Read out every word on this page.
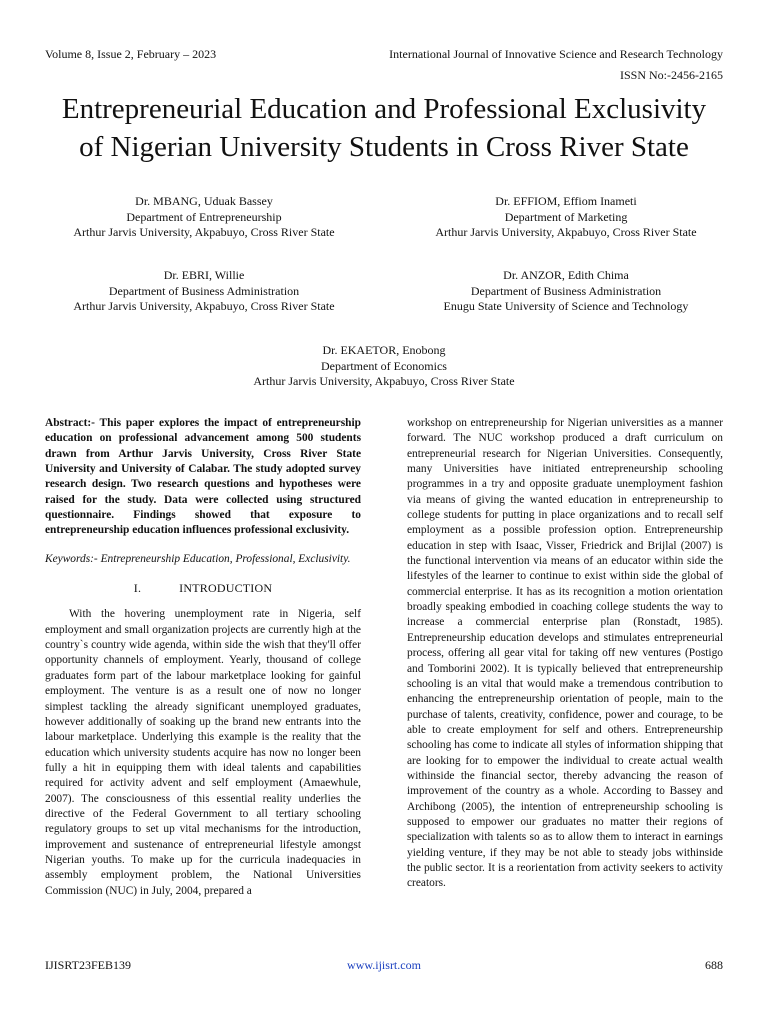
Volume 8, Issue 2, February – 2023	International Journal of Innovative Science and Research Technology
ISSN No:-2456-2165
Entrepreneurial Education and Professional Exclusivity
of Nigerian University Students in Cross River State
Dr. MBANG, Uduak Bassey
Department of Entrepreneurship
Arthur Jarvis University, Akpabuyo, Cross River State
Dr. EFFIOM, Effiom Inameti
Department of Marketing
Arthur Jarvis University, Akpabuyo, Cross River State
Dr. EBRI, Willie
Department of Business Administration
Arthur Jarvis University, Akpabuyo, Cross River State
Dr. ANZOR, Edith Chima
Department of Business Administration
Enugu State University of Science and Technology
Dr. EKAETOR, Enobong
Department of Economics
Arthur Jarvis University, Akpabuyo, Cross River State

Abstract:- This paper explores the impact of entrepreneurship education on professional advancement among 500 students drawn from Arthur Jarvis University, Cross River State University and University of Calabar. The study adopted survey research design. Two research questions and hypotheses were raised for the study. Data were collected using structured questionnaire. Findings showed that exposure to entrepreneurship education influences professional exclusivity.

Keywords:- Entrepreneurship Education, Professional, Exclusivity.

I.	INTRODUCTION

With the hovering unemployment rate in Nigeria, self employment and small organization projects are currently high at the country`s country wide agenda, within side the wish that they'll offer opportunity channels of employment. Yearly, thousand of college graduates form part of the labour marketplace looking for gainful employment. The venture is as a result one of now no longer simplest tackling the already significant unemployed graduates, however additionally of soaking up the brand new entrants into the labour marketplace. Underlying this example is the reality that the education which university students acquire has now no longer been fully a hit in equipping them with ideal talents and capabilities required for activity advent and self employment (Amaewhule, 2007). The consciousness of this essential reality underlies the directive of the Federal Government to all tertiary schooling regulatory groups to set up vital mechanisms for the introduction, improvement and sustenance of entrepreneurial lifestyle amongst Nigerian youths. To make up for the curricula inadequacies in assembly employment problem, the National Universities Commission (NUC) in July, 2004, prepared a

workshop on entrepreneurship for Nigerian universities as a manner forward. The NUC workshop produced a draft curriculum on entrepreneurial research for Nigerian Universities. Consequently, many Universities have initiated entrepreneurship schooling programmes in a try and opposite graduate unemployment fashion via means of giving the wanted education in entrepreneurship to college students for putting in place organizations and to recall self employment as a possible profession option. Entrepreneurship education in step with Isaac, Visser, Friedrick and Brijlal (2007) is the functional intervention via means of an educator within side the lifestyles of the learner to continue to exist within side the global of commercial enterprise. It has as its recognition a motion orientation broadly speaking embodied in coaching college students the way to increase a commercial enterprise plan (Ronstadt, 1985). Entrepreneurship education develops and stimulates entrepreneurial process, offering all gear vital for taking off new ventures (Postigo and Tomborini 2002). It is typically believed that entrepreneurship schooling is an vital that would make a tremendous contribution to enhancing the entrepreneurship orientation of people, main to the purchase of talents, creativity, confidence, power and courage, to be able to create employment for self and others. Entrepreneurship schooling has come to indicate all styles of information shipping that are looking for to empower the individual to create actual wealth withinside the financial sector, thereby advancing the reason of improvement of the country as a whole. According to Bassey and Archibong (2005), the intention of entrepreneurship schooling is supposed to empower our graduates no matter their regions of specialization with talents so as to allow them to interact in earnings yielding venture, if they may be not able to steady jobs withinside the public sector. It is a reorientation from activity seekers to activity creators.

IJISRT23FEB139	www.ijisrt.com	688
